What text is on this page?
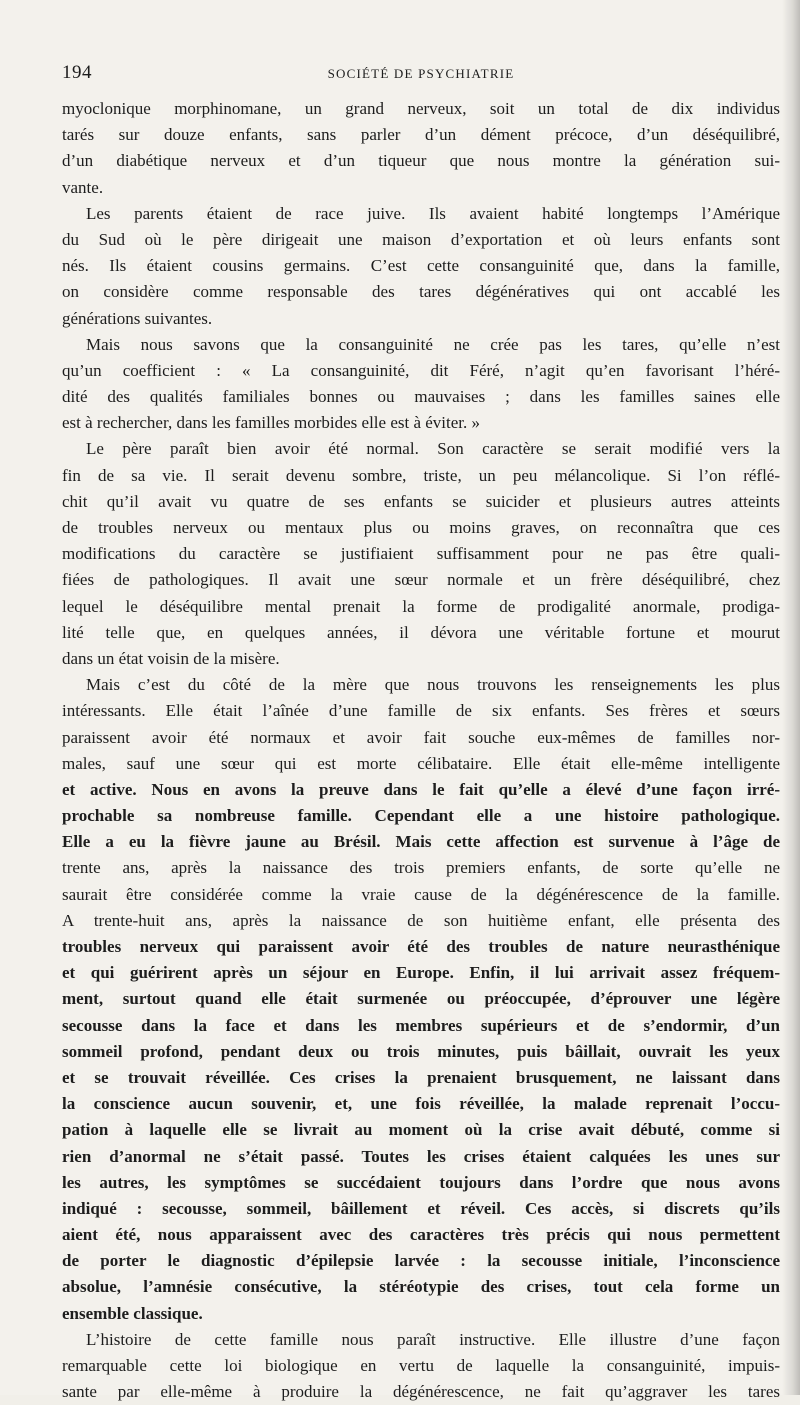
194	SOCIÉTÉ DE PSYCHIATRIE
myoclonique morphinomane, un grand nerveux, soit un total de dix individus
tarés sur douze enfants, sans parler d’un dément précoce, d’un déséquilibré,
d’un diabétique nerveux et d’un tiqueur que nous montre la génération sui-
vante.
Les parents étaient de race juive. Ils avaient habité longtemps l’Amérique
du Sud où le père dirigeait une maison d’exportation et où leurs enfants sont
nés. Ils étaient cousins germains. C’est cette consanguinité que, dans la famille,
on considère comme responsable des tares dégénératives qui ont accablé les
générations suivantes.
Mais nous savons que la consanguinité ne crée pas les tares, qu’elle n’est
qu’un coefficient : « La consanguinité, dit Féré, n’agit qu’en favorisant l’héré-
dité des qualités familiales bonnes ou mauvaises ; dans les familles saines elle
est à rechercher, dans les familles morbides elle est à éviter. »
Le père paraît bien avoir été normal. Son caractère se serait modifié vers la
fin de sa vie. Il serait devenu sombre, triste, un peu mélancolique. Si l’on réflé-
chit qu’il avait vu quatre de ses enfants se suicider et plusieurs autres atteints
de troubles nerveux ou mentaux plus ou moins graves, on reconnaîtra que ces
modifications du caractère se justifiaient suffisamment pour ne pas être quali-
fiées de pathologiques. Il avait une sœur normale et un frère déséquilibré, chez
lequel le déséquilibre mental prenait la forme de prodigalité anormale, prodiga-
lité telle que, en quelques années, il dévora une véritable fortune et mourut
dans un état voisin de la misère.
Mais c’est du côté de la mère que nous trouvons les renseignements les plus
intéressants. Elle était l’aînée d’une famille de six enfants. Ses frères et sœurs
paraissent avoir été normaux et avoir fait souche eux-mêmes de familles nor-
males, sauf une sœur qui est morte célibataire. Elle était elle-même intelligente
et active. Nous en avons la preuve dans le fait qu’elle a élevé d’une façon irré-
prochable sa nombreuse famille. Cependant elle a une histoire pathologique.
Elle a eu la fièvre jaune au Brésil. Mais cette affection est survenue à l’âge de
trente ans, après la naissance des trois premiers enfants, de sorte qu’elle ne
saurait être considérée comme la vraie cause de la dégénérescence de la famille.
A trente-huit ans, après la naissance de son huitième enfant, elle présenta des
troubles nerveux qui paraissent avoir été des troubles de nature neurasthénique
et qui guérirent après un séjour en Europe. Enfin, il lui arrivait assez fréquem-
ment, surtout quand elle était surmenée ou préoccupée, d’éprouver une légère
secousse dans la face et dans les membres supérieurs et de s’endormir, d’un
sommeil profond, pendant deux ou trois minutes, puis bâillait, ouvrait les yeux
et se trouvait réveillée. Ces crises la prenaient brusquement, ne laissant dans
la conscience aucun souvenir, et, une fois réveillée, la malade reprenait l’occu-
pation à laquelle elle se livrait au moment où la crise avait débuté, comme si
rien d’anormal ne s’était passé. Toutes les crises étaient calquées les unes sur
les autres, les symptômes se succédaient toujours dans l’ordre que nous avons
indiqué : secousse, sommeil, bâillement et réveil. Ces accès, si discrets qu’ils
aient été, nous apparaissent avec des caractères très précis qui nous permettent
de porter le diagnostic d’épilepsie larvée : la secousse initiale, l’inconscience
absolue, l’amnésie consécutive, la stéréotypie des crises, tout cela forme un
ensemble classique.
L’histoire de cette famille nous paraît instructive. Elle illustre d’une façon
remarquable cette loi biologique en vertu de laquelle la consanguinité, impuis-
sante par elle-même à produire la dégénérescence, ne fait qu’aggraver les tares
